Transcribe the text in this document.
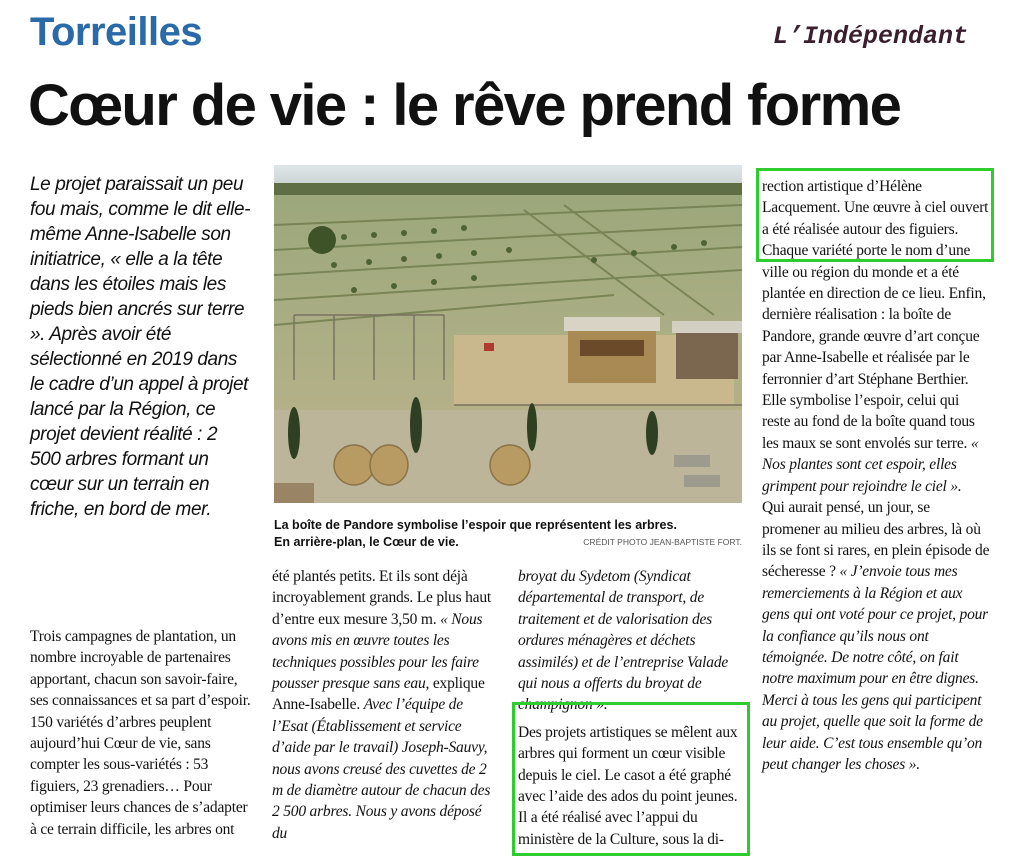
Torreilles	L’Indépendant
Cœur de vie : le rêve prend forme
Le projet paraissait un peu fou mais, comme le dit elle-même Anne-Isabelle son initiatrice, « elle a la tête dans les étoiles mais les pieds bien ancrés sur terre ». Après avoir été sélectionné en 2019 dans le cadre d’un appel à projet lancé par la Région, ce projet devient réalité : 2 500 arbres formant un cœur sur un terrain en friche, en bord de mer.
La boîte de Pandore symbolise l’espoir que représentent les arbres.
En arrière-plan, le Cœur de vie.	CRÉDIT PHOTO JEAN-BAPTISTE FORT.

Trois campagnes de plantation, un nombre incroyable de partenaires apportant, chacun son savoir-faire, ses connaissances et sa part d’espoir. 150 variétés d’arbres peuplent aujourd’hui Cœur de vie, sans compter les sous-variétés : 53 figuiers, 23 grenadiers… Pour optimiser leurs chances de s’adapter à ce terrain difficile, les arbres ont

été plantés petits. Et ils sont déjà incroyablement grands. Le plus haut d’entre eux mesure 3,50 m. « Nous avons mis en œuvre toutes les techniques possibles pour les faire pousser presque sans eau, explique Anne-Isabelle. Avec l’équipe de l’Esat (Établissement et service d’aide par le travail) Joseph-Sauvy, nous avons creusé des cuvettes de 2 m de diamètre autour de chacun des 2 500 arbres. Nous y avons déposé du

broyat du Sydetom (Syndicat départemental de transport, de traitement et de valorisation des ordures ménagères et déchets assimilés) et de l’entreprise Valade qui nous a offerts du broyat de champignon ».

Des projets artistiques se mêlent aux arbres qui forment un cœur visible depuis le ciel. Le casot a été graphé avec l’aide des ados du point jeunes. Il a été réalisé avec l’appui du ministère de la Culture, sous la di-

rection artistique d’Hélène Lacquement. Une œuvre à ciel ouvert a été réalisée autour des figuiers. Chaque variété porte le nom d’une ville ou région du monde et a été plantée en direction de ce lieu. Enfin, dernière réalisation : la boîte de Pandore, grande œuvre d’art conçue par Anne-Isabelle et réalisée par le ferronnier d’art Stéphane Berthier. Elle symbolise l’espoir, celui qui reste au fond de la boîte quand tous les maux se sont envolés sur terre. « Nos plantes sont cet espoir, elles grimpent pour rejoindre le ciel ».

Qui aurait pensé, un jour, se promener au milieu des arbres, là où ils se font si rares, en plein épisode de sécheresse ? « J’envoie tous mes remerciements à la Région et aux gens qui ont voté pour ce projet, pour la confiance qu’ils nous ont témoignée. De notre côté, on fait notre maximum pour en être dignes. Merci à tous les gens qui participent au projet, quelle que soit la forme de leur aide. C’est tous ensemble qu’on peut changer les choses ».
